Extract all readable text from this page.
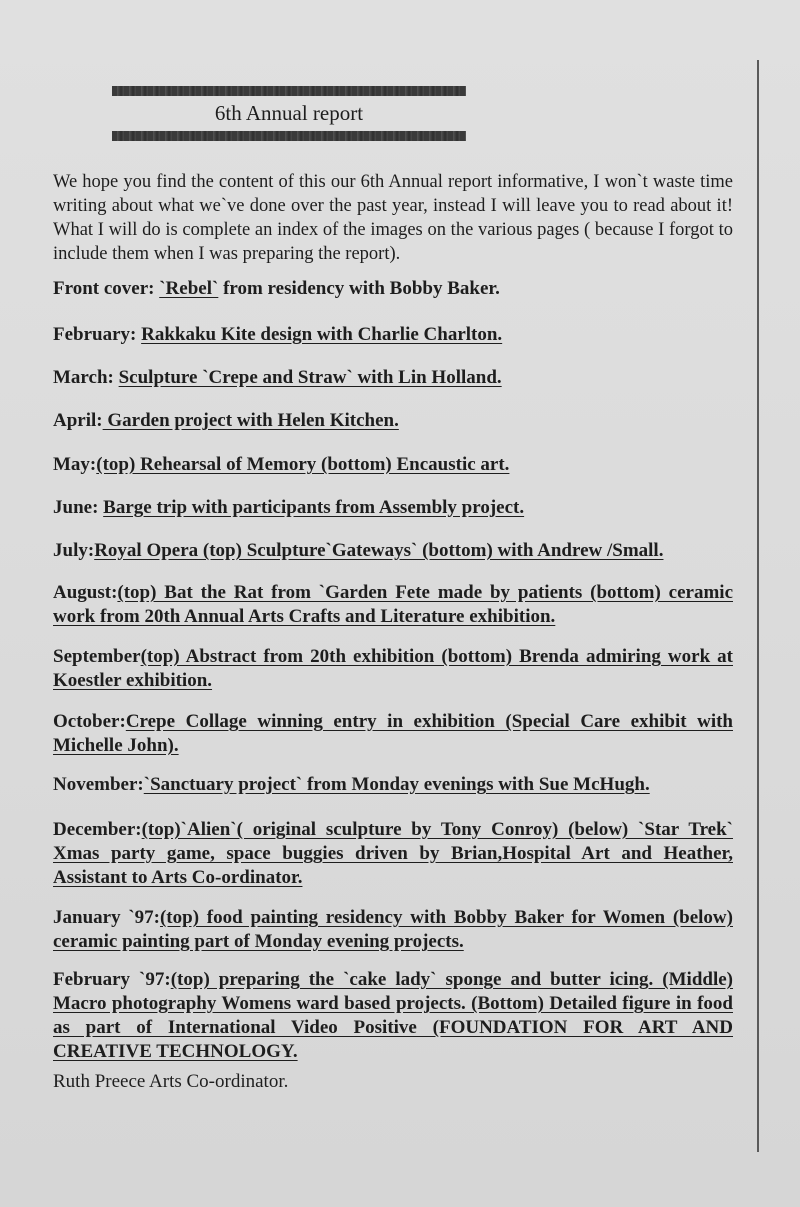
6th Annual report
We hope you find the content of this our 6th Annual report informative, I won`t waste time writing about what we`ve done over the past year, instead I will leave you to read about it! What I will do is complete an index of the images on the various pages ( because I forgot to include them when I was preparing the report).
Front cover: `Rebel` from residency with Bobby Baker.
February: Rakkaku Kite design with Charlie Charlton.
March: Sculpture `Crepe and Straw` with Lin Holland.
April: Garden project with Helen Kitchen.
May:(top) Rehearsal of Memory (bottom) Encaustic art.
June: Barge trip with participants from Assembly project.
July:Royal Opera (top) Sculpture`Gateways` (bottom) with Andrew /Small.
August:(top) Bat the Rat from `Garden Fete made by patients (bottom) ceramic work from 20th Annual Arts Crafts and Literature exhibition.
September(top) Abstract from 20th exhibition (bottom) Brenda admiring work at Koestler exhibition.
October:Crepe Collage winning entry in exhibition (Special Care exhibit with Michelle John).
November:`Sanctuary project` from Monday evenings with Sue McHugh.
December:(top)`Alien`( original sculpture by Tony Conroy) (below) `Star Trek` Xmas party game, space buggies driven by Brian,Hospital Art and Heather, Assistant to Arts Co-ordinator.
January `97:(top) food painting residency with Bobby Baker for Women (below) ceramic painting part of Monday evening projects.
February `97:(top) preparing the `cake lady` sponge and butter icing. (Middle) Macro photography Womens ward based projects. (Bottom) Detailed figure in food as part of International Video Positive (FOUNDATION FOR ART AND CREATIVE TECHNOLOGY.
Ruth Preece Arts Co-ordinator.
